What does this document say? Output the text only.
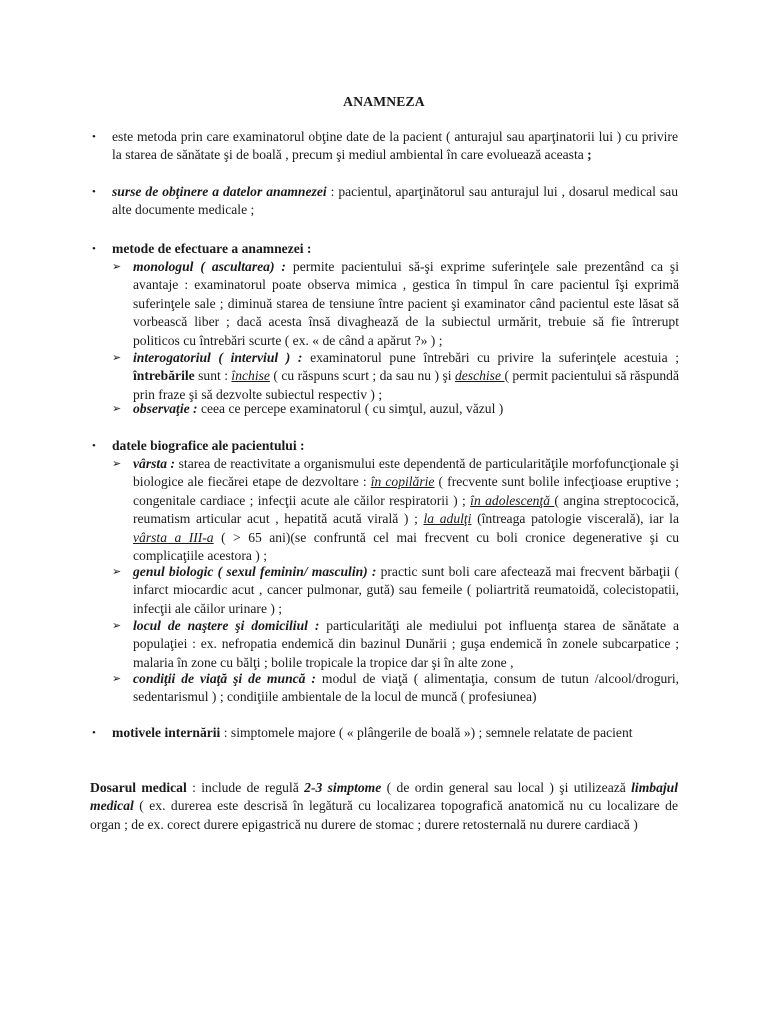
ANAMNEZA
• este metoda prin care examinatorul obţine date de la pacient ( anturajul sau aparţinatorii lui ) cu privire la starea de sănătate şi de boală , precum şi mediul ambiental în care evoluează aceasta ;
• surse de obţinere a datelor anamnezei : pacientul, aparţinătorul sau anturajul lui , dosarul medical sau alte documente medicale ;
• metode de efectuare a anamnezei :
➢ monologul ( ascultarea) : permite pacientului să-şi exprime suferinţele sale prezentând ca şi avantaje : examinatorul poate observa mimica , gestica în timpul în care pacientul îşi exprimă suferinţele sale ; diminuă starea de tensiune între pacient şi examinator când pacientul este lăsat să vorbească liber ; dacă acesta însă divaghează de la subiectul urmărit, trebuie să fie întrerupt politicos cu întrebări scurte ( ex. « de când a apărut ?» ) ;
➢ interogatoriul ( interviul ) : examinatorul pune întrebări cu privire la suferinţele acestuia ; întrebările sunt : închise ( cu răspuns scurt ; da sau nu ) şi deschise ( permit pacientului să răspundă prin fraze şi să dezvolte subiectul respectiv ) ;
➢ observaţie : ceea ce percepe examinatorul ( cu simţul, auzul, văzul )
• datele biografice ale pacientului :
➢ vârsta : starea de reactivitate a organismului este dependentă de particularităţile morfofuncţionale şi biologice ale fiecărei etape de dezvoltare : în copilărie ( frecvente sunt bolile infecţioase eruptive ; congenitale cardiace ; infecţii acute ale căilor respiratorii ) ; în adolescenţă ( angina streptococică, reumatism articular acut , hepatită acută virală ) ; la adulţi (întreaga patologie viscerală), iar la vârsta a III-a ( > 65 ani)(se confruntă cel mai frecvent cu boli cronice degenerative şi cu complicaţiile acestora ) ;
➢ genul biologic ( sexul feminin/ masculin) : practic sunt boli care afectează mai frecvent bărbaţii ( infarct miocardic acut , cancer pulmonar, gută) sau femeile ( poliartrită reumatoidă, colecistopatii, infecţii ale căilor urinare ) ;
➢ locul de naştere şi domiciliul : particularităţi ale mediului pot influenţa starea de sănătate a populaţiei : ex. nefropatia endemică din bazinul Dunării ; guşa endemică în zonele subcarpatice ; malaria în zone cu bălţi ; bolile tropicale la tropice dar şi în alte zone ,
➢ condiţii de viaţă şi de muncă : modul de viaţă ( alimentaţia, consum de tutun /alcool/droguri, sedentarismul ) ; condiţiile ambientale de la locul de muncă ( profesiunea)
• motivele internării : simptomele majore ( « plângerile de boală ») ; semnele relatate de pacient
Dosarul medical : include de regulă 2-3 simptome ( de ordin general sau local ) şi utilizează limbajul medical ( ex. durerea este descrisă în legătură cu localizarea topografică anatomică nu cu localizare de organ ; de ex. corect durere epigastrică nu durere de stomac ; durere retosternală nu durere cardiacă )
